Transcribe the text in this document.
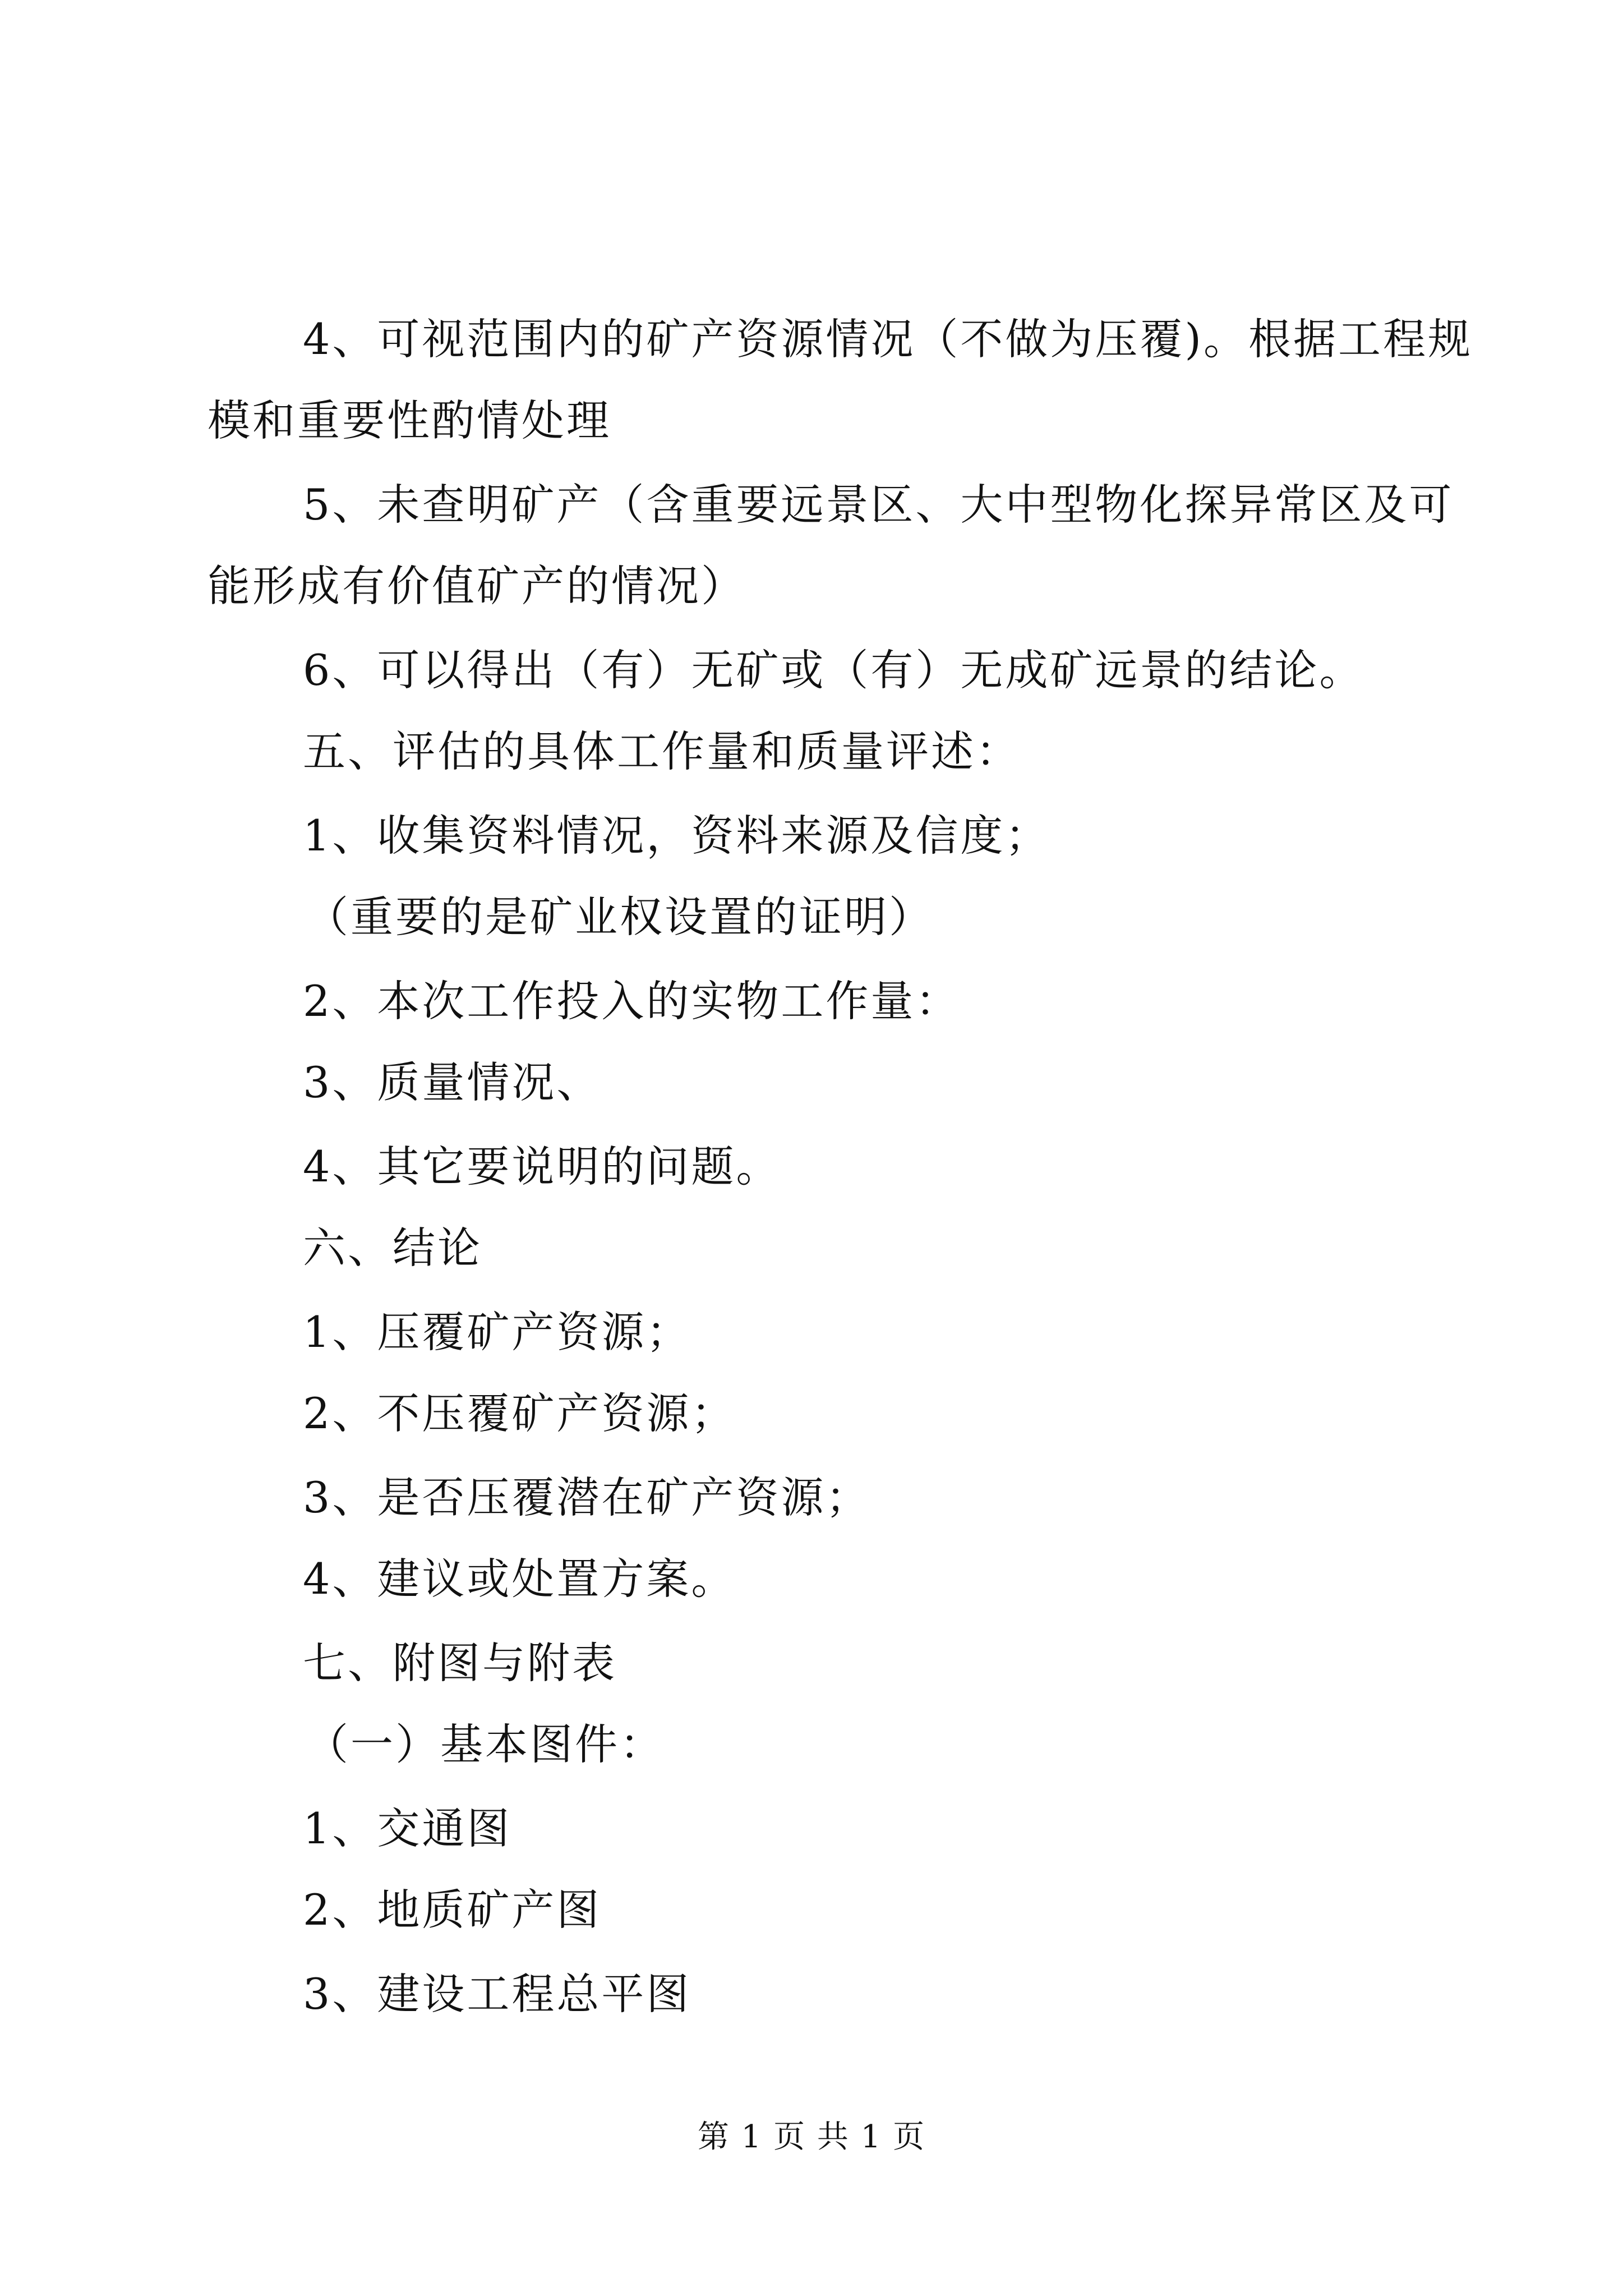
4、可视范围内的矿产资源情况（不做为压覆)。根据工程规
模和重要性酌情处理
5、未查明矿产（含重要远景区、大中型物化探异常区及可
能形成有价值矿产的情况）
6、可以得出（有）无矿或（有）无成矿远景的结论。
五、评估的具体工作量和质量评述：
1、收集资料情况，资料来源及信度；
（重要的是矿业权设置的证明）
2、本次工作投入的实物工作量：
3、质量情况、
4、其它要说明的问题。
六、结论
1、压覆矿产资源；
2、不压覆矿产资源；
3、是否压覆潜在矿产资源；
4、建议或处置方案。
七、附图与附表
（一）基本图件：
1、交通图
2、地质矿产图
3、建设工程总平图
第 1 页 共 1 页
